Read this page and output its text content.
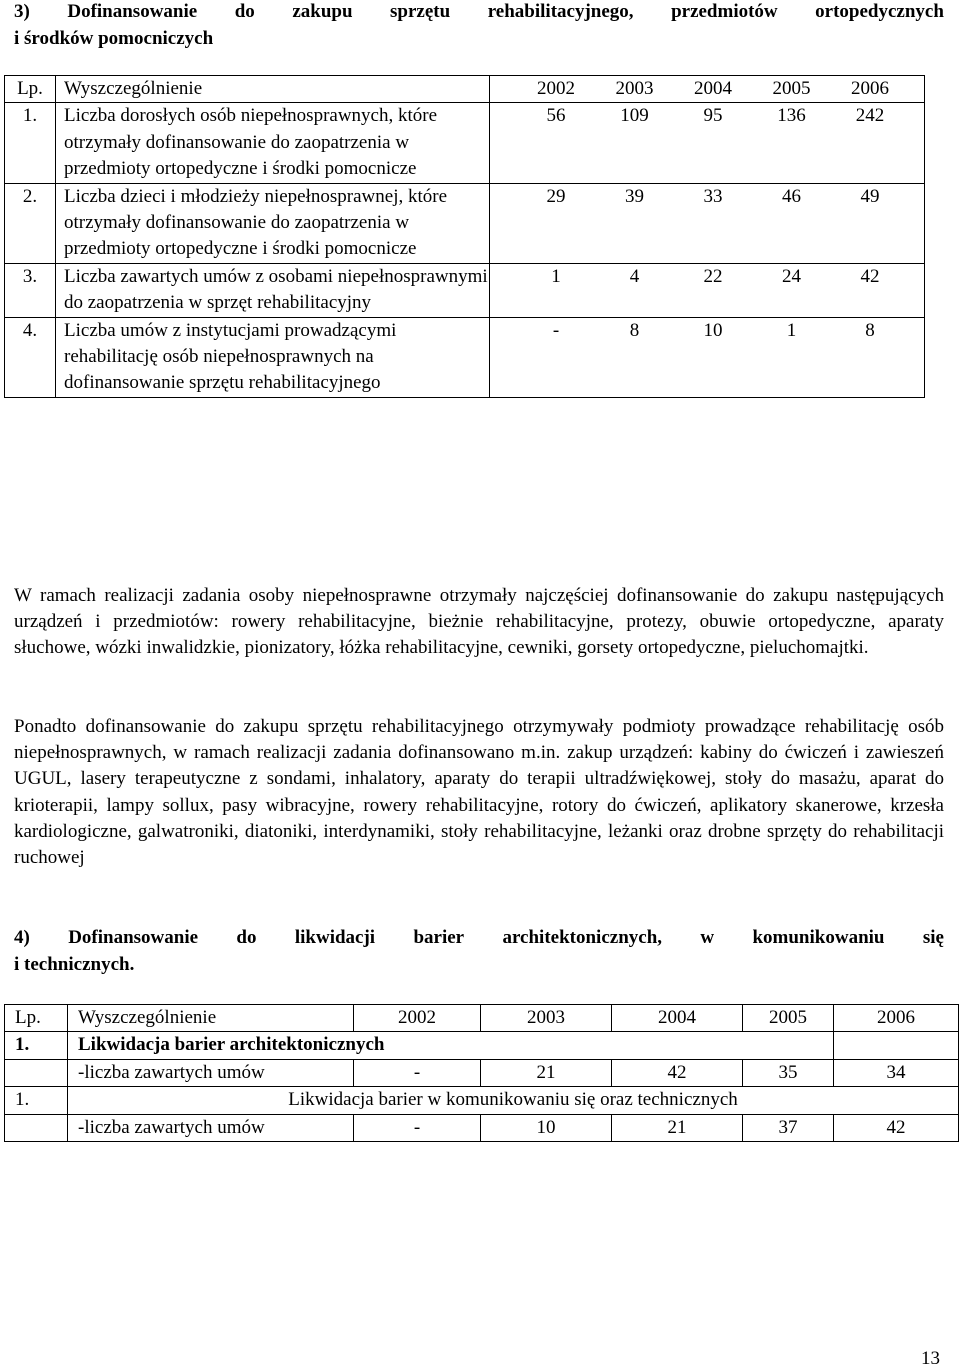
3) Dofinansowanie do zakupu sprzętu rehabilitacyjnego, przedmiotów ortopedycznych
i środków pomocniczych
Lp.	Wyszczególnienie	2002 2003 2004 2005 2006

1.	Liczba dorosłych osób niepełnosprawnych, które otrzymały dofinansowanie do zaopatrzenia w przedmioty ortopedyczne i środki pomocnicze	56 109 95 136 242

2.	Liczba dzieci i młodzieży niepełnosprawnej, które otrzymały dofinansowanie do zaopatrzenia w przedmioty ortopedyczne i środki pomocnicze	29 39 33 46 49

3.	Liczba zawartych umów z osobami niepełnosprawnymi do zaopatrzenia w sprzęt rehabilitacyjny	1 4 22 24 42

4.	Liczba umów z instytucjami prowadzącymi rehabilitację osób niepełnosprawnych na dofinansowanie sprzętu rehabilitacyjnego	- 8 10 1 8

W ramach realizacji zadania osoby niepełnosprawne otrzymały najczęściej dofinansowanie do zakupu następujących urządzeń i przedmiotów: rowery rehabilitacyjne, bieżnie rehabilitacyjne, protezy, obuwie ortopedyczne, aparaty słuchowe, wózki inwalidzkie, pionizatory, łóżka rehabilitacyjne, cewniki, gorsety ortopedyczne, pieluchomajtki.

Ponadto dofinansowanie do zakupu sprzętu rehabilitacyjnego otrzymywały podmioty prowadzące rehabilitację osób niepełnosprawnych, w ramach realizacji zadania dofinansowano m.in. zakup urządzeń: kabiny do ćwiczeń i zawieszeń UGUL, lasery terapeutyczne z sondami, inhalatory, aparaty do terapii ultradźwiękowej, stoły do masażu, aparat do krioterapii, lampy sollux, pasy wibracyjne, rowery rehabilitacyjne, rotory do ćwiczeń, aplikatory skanerowe, krzesła kardiologiczne, galwatroniki, diatoniki, interdynamiki, stoły rehabilitacyjne, leżanki oraz drobne sprzęty do rehabilitacji ruchowej

4) Dofinansowanie do likwidacji barier architektonicznych, w komunikowaniu się
i technicznych.
Lp.	Wyszczególnienie	2002	2003	2004	2005	2006
1.	Likwidacja barier architektonicznych					
	-liczba zawartych umów	-	21	42	35	34
1.	Likwidacja barier w komunikowaniu się oraz technicznych					
	-liczba zawartych umów	-	10	21	37	42
13
